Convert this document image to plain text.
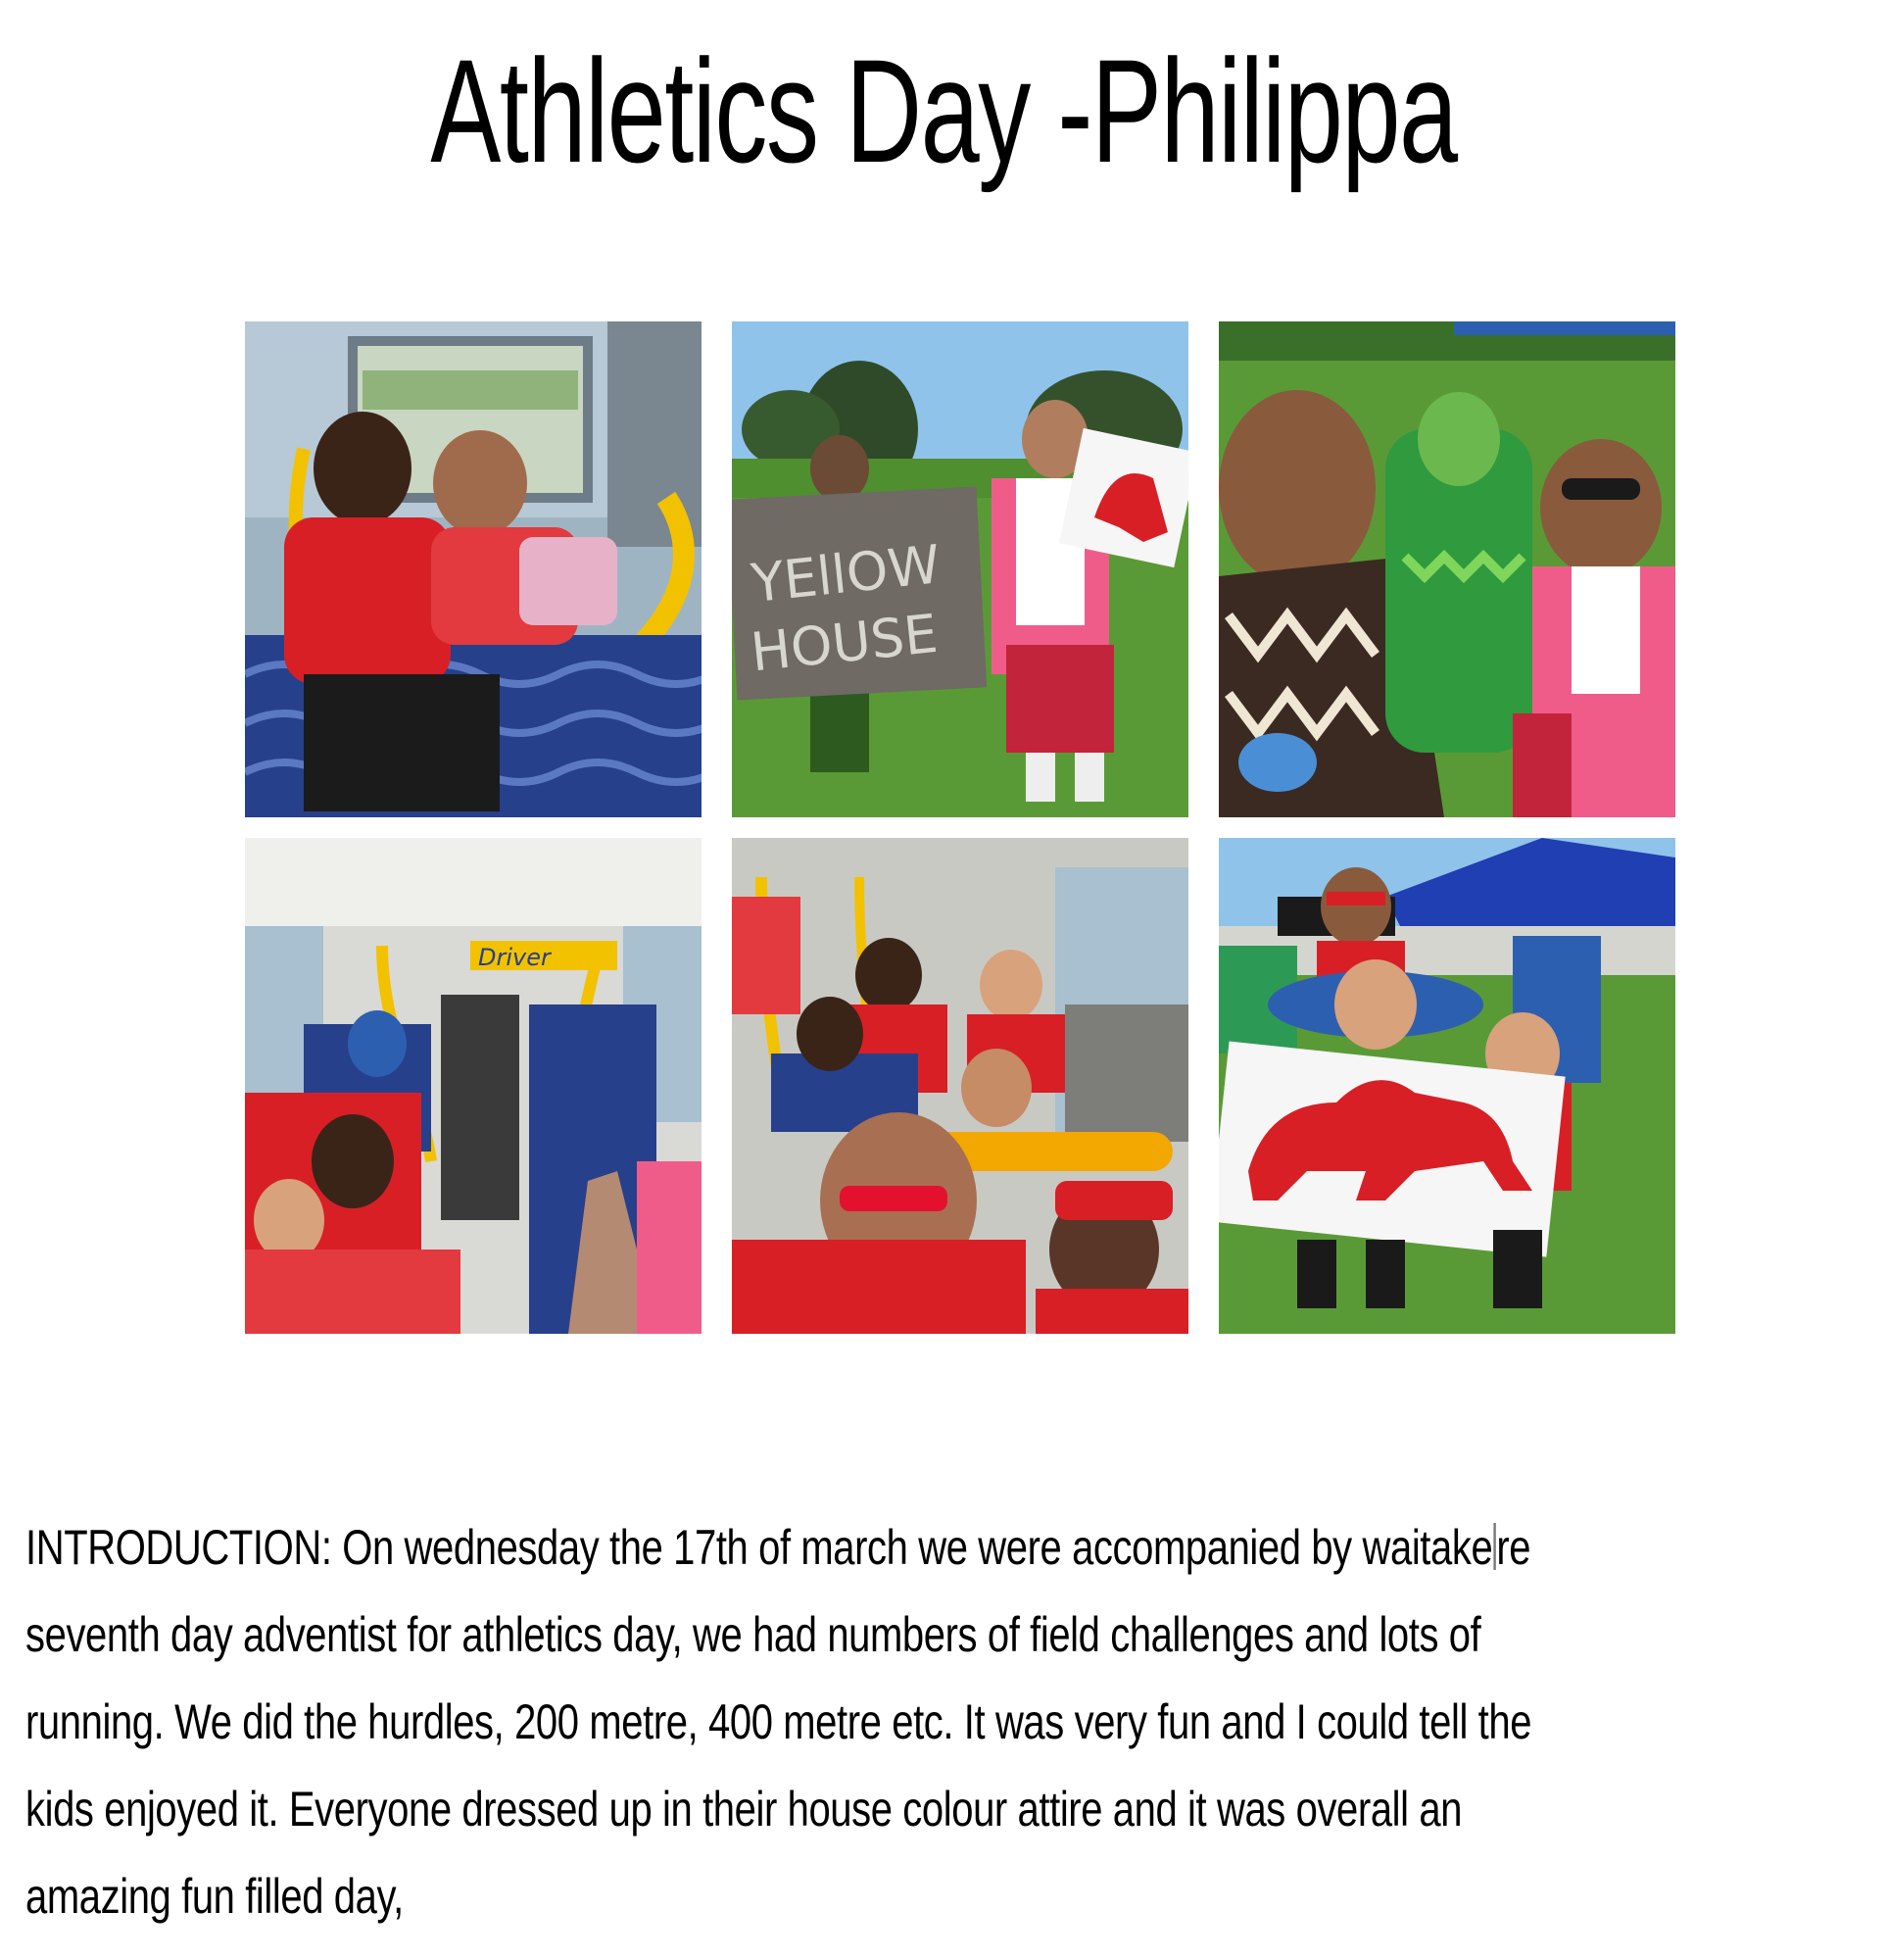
Athletics Day -Philippa
YEllOW
HOUSE
Driver
INTRODUCTION: On wednesday the 17th of march we were accompanied by waitakere
seventh day adventist for athletics day, we had numbers of field challenges and lots of
running. We did the hurdles, 200 metre, 400 metre etc. It was very fun and I could tell the
kids enjoyed it. Everyone dressed up in their house colour attire and it was overall an
amazing fun filled day,
